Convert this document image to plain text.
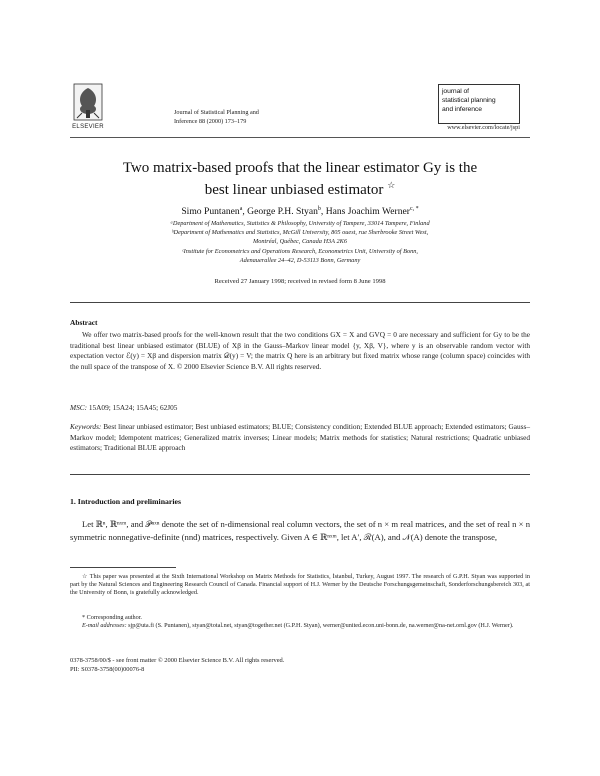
ELSEVIER
Journal of Statistical Planning and
Inference 88 (2000) 173–179
journal of
statistical planning
and inference
www.elsevier.com/locate/jspi
Two matrix-based proofs that the linear estimator Gy is the
best linear unbiased estimator ☆
Simo Puntanen$^a$, George P.H. Styan$^b$, Hans Joachim Werner$^{c, *}$
ᵃDepartment of Mathematics, Statistics & Philosophy, University of Tampere, 33014 Tampere, Finland
ᵇDepartment of Mathematics and Statistics, McGill University, 805 ouest, rue Sherbrooke Street West,
Montréal, Québec, Canada H3A 2K6
ᶜInstitute for Econometrics and Operations Research, Econometrics Unit, University of Bonn,
Adenauerallee 24–42, D-53113 Bonn, Germany
Received 27 January 1998; received in revised form 8 June 1998
Abstract
We offer two matrix-based proofs for the well-known result that the two conditions GX = X and GVQ = 0 are necessary and sufficient for Gy to be the traditional best linear unbiased estimator (BLUE) of Xβ in the Gauss–Markov linear model {y, Xβ, V}, where y is an observable random vector with expectation vector ℰ(y) = Xβ and dispersion matrix 𝒟(y) = V; the matrix Q here is an arbitrary but fixed matrix whose range (column space) coincides with the null space of the transpose of X. © 2000 Elsevier Science B.V. All rights reserved.
MSC: 15A09; 15A24; 15A45; 62J05
Keywords: Best linear unbiased estimator; Best unbiased estimators; BLUE; Consistency condition; Extended BLUE approach; Extended estimators; Gauss–Markov model; Idempotent matrices; Generalized matrix inverses; Linear models; Matrix methods for statistics; Natural restrictions; Quadratic unbiased estimators; Traditional BLUE approach
1. Introduction and preliminaries
Let ℝⁿ, ℝⁿˣᵐ, and 𝒫ⁿˣⁿ denote the set of n-dimensional real column vectors, the set of n × m real matrices, and the set of real n × n symmetric nonnegative-definite (nnd) matrices, respectively. Given A ∈ ℝⁿˣᵐ, let A′, ℛ(A), and 𝒩(A) denote the transpose,
☆ This paper was presented at the Sixth International Workshop on Matrix Methods for Statistics, İstanbul, Turkey, August 1997. The research of G.P.H. Styan was supported in part by the Natural Sciences and Engineering Research Council of Canada. Financial support of H.J. Werner by the Deutsche Forschungsgemeinschaft, Sonderforschungsbereich 303, at the University of Bonn, is gratefully acknowledged.
* Corresponding author.
E-mail addresses: sjp@uta.fi (S. Puntanen), styan@total.net, styan@together.net (G.P.H. Styan), werner@united.econ.uni-bonn.de, na.werner@na-net.ornl.gov (H.J. Werner).
0378-3758/00/$ - see front matter © 2000 Elsevier Science B.V. All rights reserved.
PII: S0378-3758(00)00076-8
